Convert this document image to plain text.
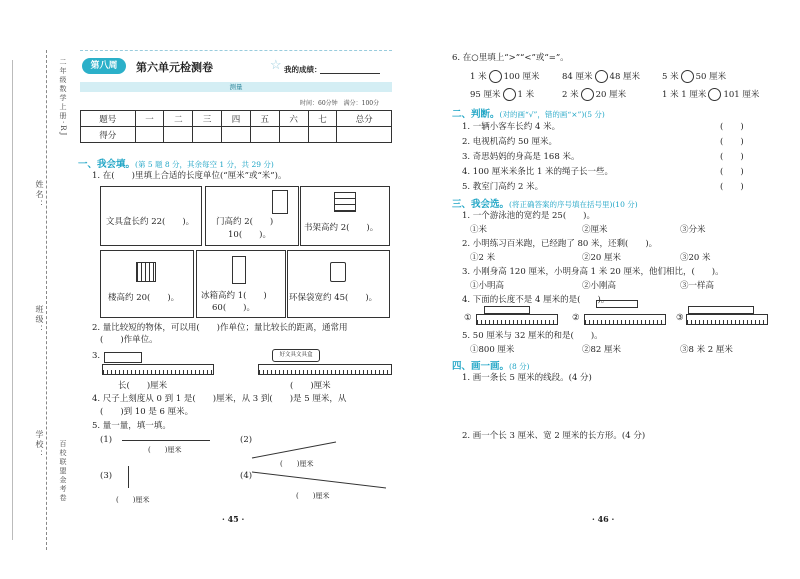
二年级数学上册·RJ
百校联盟金考卷
姓名：
班级：
学校：
第八周	第六单元检测卷	☆ 我的成绩：
测量
时间：60分钟　满分：100分
题号	一	二	三	四	五	六	七	总分
得分								
一、我会填。(第 5 题 8 分，其余每空 1 分，共 29 分)
1. 在(　　)里填上合适的长度单位(“厘米”或“米”)。
文具盒长约 22(　　)。	门高约 2(　　)
10(　　)。
书架高约 2(　　)。
楼高约 20(　　)。	冰箱高约 1(　　)
60(　　)。
环保袋宽约 45(　　)。
2. 量比较短的物体，可以用(　　)作单位；量比较长的距离，通常用
(　　)作单位。
3.
长(　　)厘米
好文具文具盒
(　　)厘米
4. 尺子上刻度从 0 到 1 是(　　)厘米，从 3 到(　　)是 5 厘米，从
(　　)到 10 是 6 厘米。
5. 量一量，填一填。
(1)
(　　)厘米
(2)
(　　)厘米
(3)
(　　)厘米
(4)
(　　)厘米
· 45 ·
6. 在○里填上“>”“<”或“=”。
1 米 100 厘米	84 厘米 48 厘米	5 米 50 厘米
95 厘米 1 米	2 米 20 厘米	1 米 1 厘米 101 厘米
二、判断。(对的画“√”，错的画“×”)(5 分)
1. 一辆小客车长约 4 米。	(　　)
2. 电视机高约 50 厘米。	(　　)
3. 奇思妈妈的身高是 168 米。	(　　)
4. 100 厘米米条比 1 米的绳子长一些。	(　　)
5. 教室门高约 2 米。	(　　)
三、我会选。(将正确答案的序号填在括号里)(10 分)
1. 一个游泳池的宽约是 25(　　)。
①米	②厘米	③分米
2. 小明练习百米跑，已经跑了 80 米，还剩(　　)。
①2 米	②20 厘米	③20 米
3. 小刚身高 120 厘米，小明身高 1 米 20 厘米，他们相比，(　　)。
①小明高	②小刚高	③一样高
4. 下面的长度不是 4 厘米的是(　　)。
①	②	③
5. 50 厘米与 32 厘米的和是(　　)。
①800 厘米	②82 厘米	③8 米 2 厘米
四、画一画。(8 分)
1. 画一条长 5 厘米的线段。(4 分)
2. 画一个长 3 厘米、宽 2 厘米的长方形。(4 分)
· 46 ·
